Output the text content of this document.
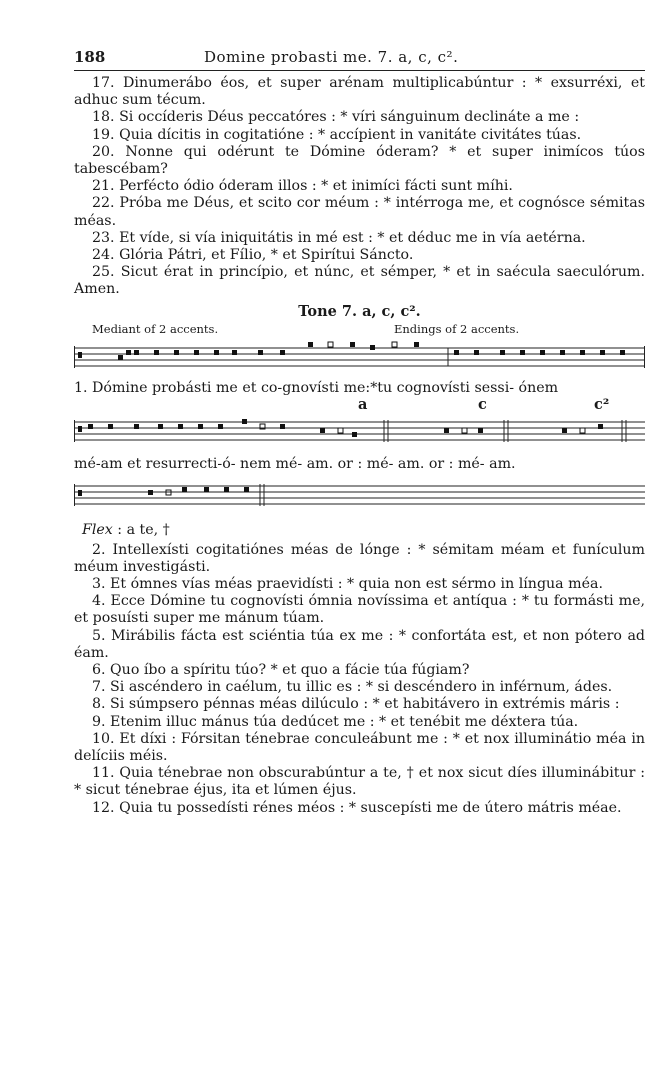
188	Domine probasti me. 7. a, c, c².

17. Dinumerábo éos, et super arénam multiplicabúntur : * exsurréxi, et adhuc sum técum.

18. Si occíderis Déus peccatóres : * víri sánguinum declináte a me :

19. Quia dícitis in cogitatióne : * accípient in vanitáte civitátes túas.

20. Nonne qui odérunt te Dómine óderam? * et super inimícos túos tabescébam?

21. Perfécto ódio óderam illos : * et inimíci fácti sunt míhi.

22. Próba me Déus, et scito cor méum : * intérroga me, et cognósce sémitas méas.

23. Et víde, si vía iniquitátis in mé est : * et déduc me in vía aetérna.

24. Glória Pátri, et Fílio, * et Spirítui Sáncto.

25. Sicut érat in princípio, et núnc, et sémper, * et in saécula saeculórum. Amen.

Tone 7. a, c, c².
Mediant of 2 accents.	Endings of 2 accents.
1. Dómine probásti me et co-gnovísti me:*tu cognovísti sessi- ónem
a	c	c²
mé-am et resurrecti-ó- nem mé- am. or : mé- am. or : mé- am.
Flex : a te, †

2. Intellexísti cogitatiónes méas de lónge : * sémitam méam et funículum méum investigásti.

3. Et ómnes vías méas praevidísti : * quia non est sérmo in língua méa.

4. Ecce Dómine tu cognovísti ómnia novíssima et antíqua : * tu formásti me, et posuísti super me mánum túam.

5. Mirábilis fácta est sciéntia túa ex me : * confortáta est, et non pótero ad éam.

6. Quo íbo a spíritu túo? * et quo a fácie túa fúgiam?

7. Si ascéndero in caélum, tu illic es : * si descéndero in inférnum, ádes.

8. Si súmpsero pénnas méas dilúculo : * et habitávero in extrémis máris :

9. Etenim illuc mánus túa dedúcet me : * et tenébit me déxtera túa.

10. Et díxi : Fórsitan ténebrae conculeábunt me : * et nox illuminátio méa in delíciis méis.

11. Quia ténebrae non obscurabúntur a te, † et nox sicut díes illuminábitur : * sicut ténebrae éjus, ita et lúmen éjus.

12. Quia tu possedísti rénes méos : * suscepísti me de útero mátris méae.
